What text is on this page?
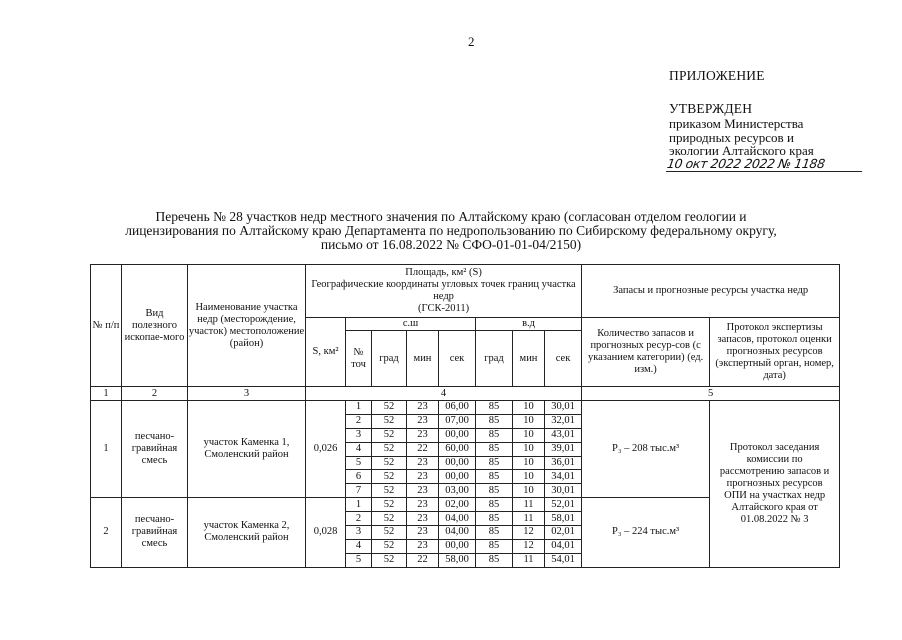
2
ПРИЛОЖЕНИЕ
УТВЕРЖДЕН
приказом Министерства
природных ресурсов и
экологии Алтайского края
10 окт 2022 2022 № 1188
Перечень № 28 участков недр местного значения по Алтайскому краю (согласован отделом геологии и
лицензирования по Алтайскому краю Департамента по недропользованию по Сибирскому федеральному округу,
письмо от 16.08.2022 № СФО-01-01-04/2150)
№ п/п	Вид полезного ископае-мого	Наименование участка недр (месторождение, участок) местоположение (район)	Площадь, км² (S)
Географические координаты угловых точек границ участка
недр
(ГСК-2011)								Запасы и прогнозные ресурсы участка недр	
			S, км²	с.ш				в.д			Количество запасов и прогнозных ресур-сов (с указанием категории) (ед. изм.)	Протокол экспертизы запасов, протокол оценки прогнозных ресурсов (экспертный орган, номер, дата)
				№ точ	град	мин	сек	град	мин	сек		
1	2	3	4								5	
1	песчано-гравийная смесь	участок Каменка 1, Смоленский район	0,026	1	52	23	06,00	85	10	30,01	P₃ – 208 тыс.м³	Протокол заседания комиссии по рассмотрению запасов и прогнозных ресурсов ОПИ на участках недр Алтайского края от 01.08.2022 № 3
				2	52	23	07,00	85	10	32,01		
				3	52	23	00,00	85	10	43,01		
				4	52	22	60,00	85	10	39,01		
				5	52	23	00,00	85	10	36,01		
				6	52	23	00,00	85	10	34,01		
				7	52	23	03,00	85	10	30,01		
2	песчано-гравийная смесь	участок Каменка 2, Смоленский район	0,028	1	52	23	02,00	85	11	52,01	P₃ – 224 тыс.м³	
				2	52	23	04,00	85	11	58,01		
				3	52	23	04,00	85	12	02,01		
				4	52	23	00,00	85	12	04,01		
				5	52	22	58,00	85	11	54,01		
